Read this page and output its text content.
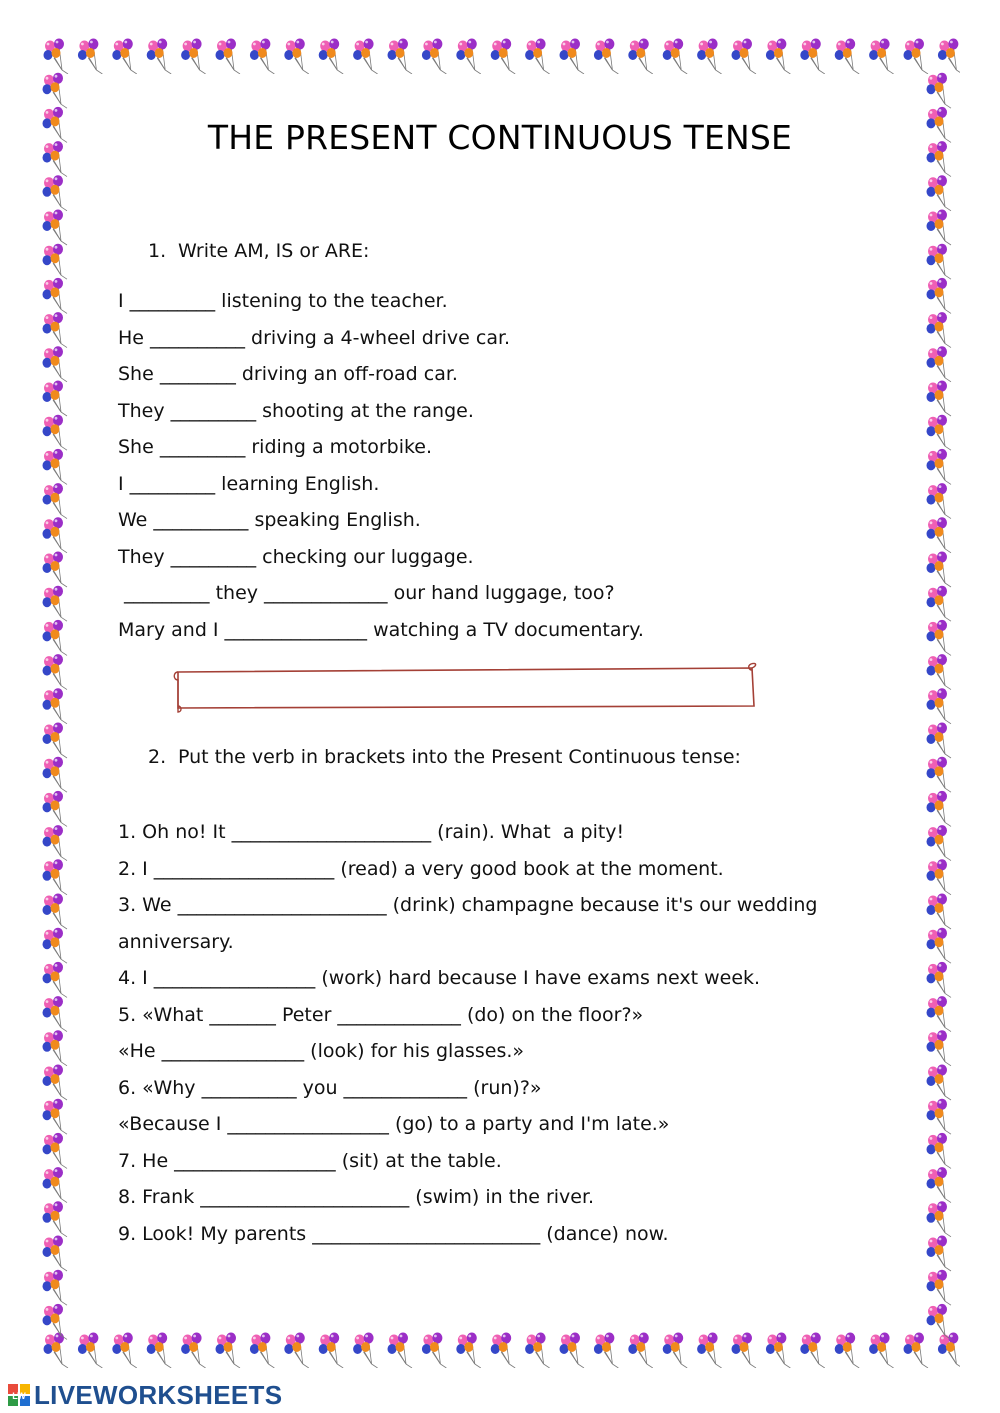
THE PRESENT CONTINUOUS TENSE
1. Write AM, IS or ARE:
I _________ listening to the teacher.
He __________ driving a 4-wheel drive car.
She ________ driving an off-road car.
They _________ shooting at the range.
She _________ riding a motorbike.
I _________ learning English.
We __________ speaking English.
They _________ checking our luggage.
_________ they _____________ our hand luggage, too?
Mary and I _______________ watching a TV documentary.
2. Put the verb in brackets into the Present Continuous tense:
1. Oh no! It _____________________ (rain). What  a pity!
2. I ___________________ (read) a very good book at the moment.
3. We ______________________ (drink) champagne because it's our wedding
anniversary.
4. I _________________ (work) hard because I have exams next week.
5. «What _______ Peter _____________ (do) on the floor?»
«He _______________ (look) for his glasses.»
6. «Why __________ you _____________ (run)?»
«Because I _________________ (go) to a party and I'm late.»
7. He _________________ (sit) at the table.
8. Frank ______________________ (swim) in the river.
9. Look! My parents ________________________ (dance) now.
LW LIVEWORKSHEETS
